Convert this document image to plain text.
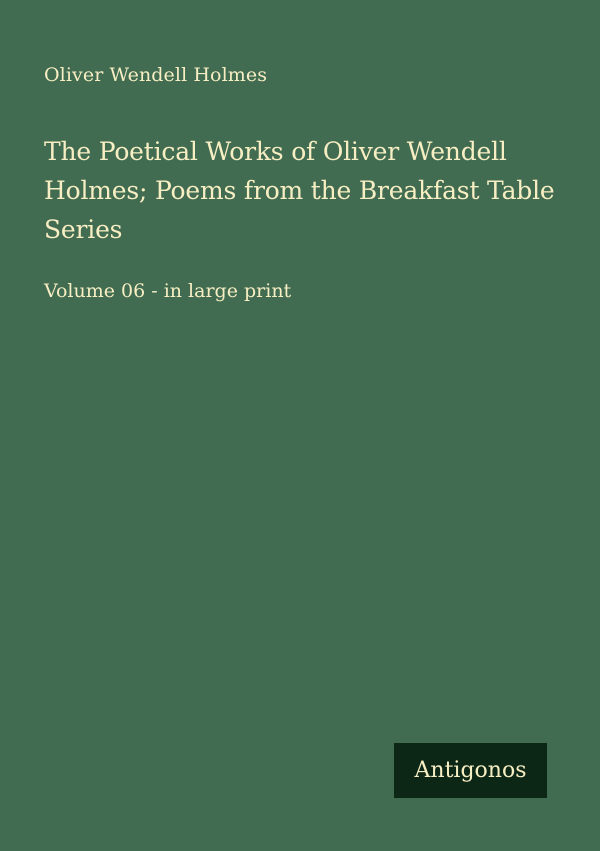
Oliver Wendell Holmes
The Poetical Works of Oliver Wendell Holmes; Poems from the Breakfast Table Series
Volume 06 - in large print
Antigonos
